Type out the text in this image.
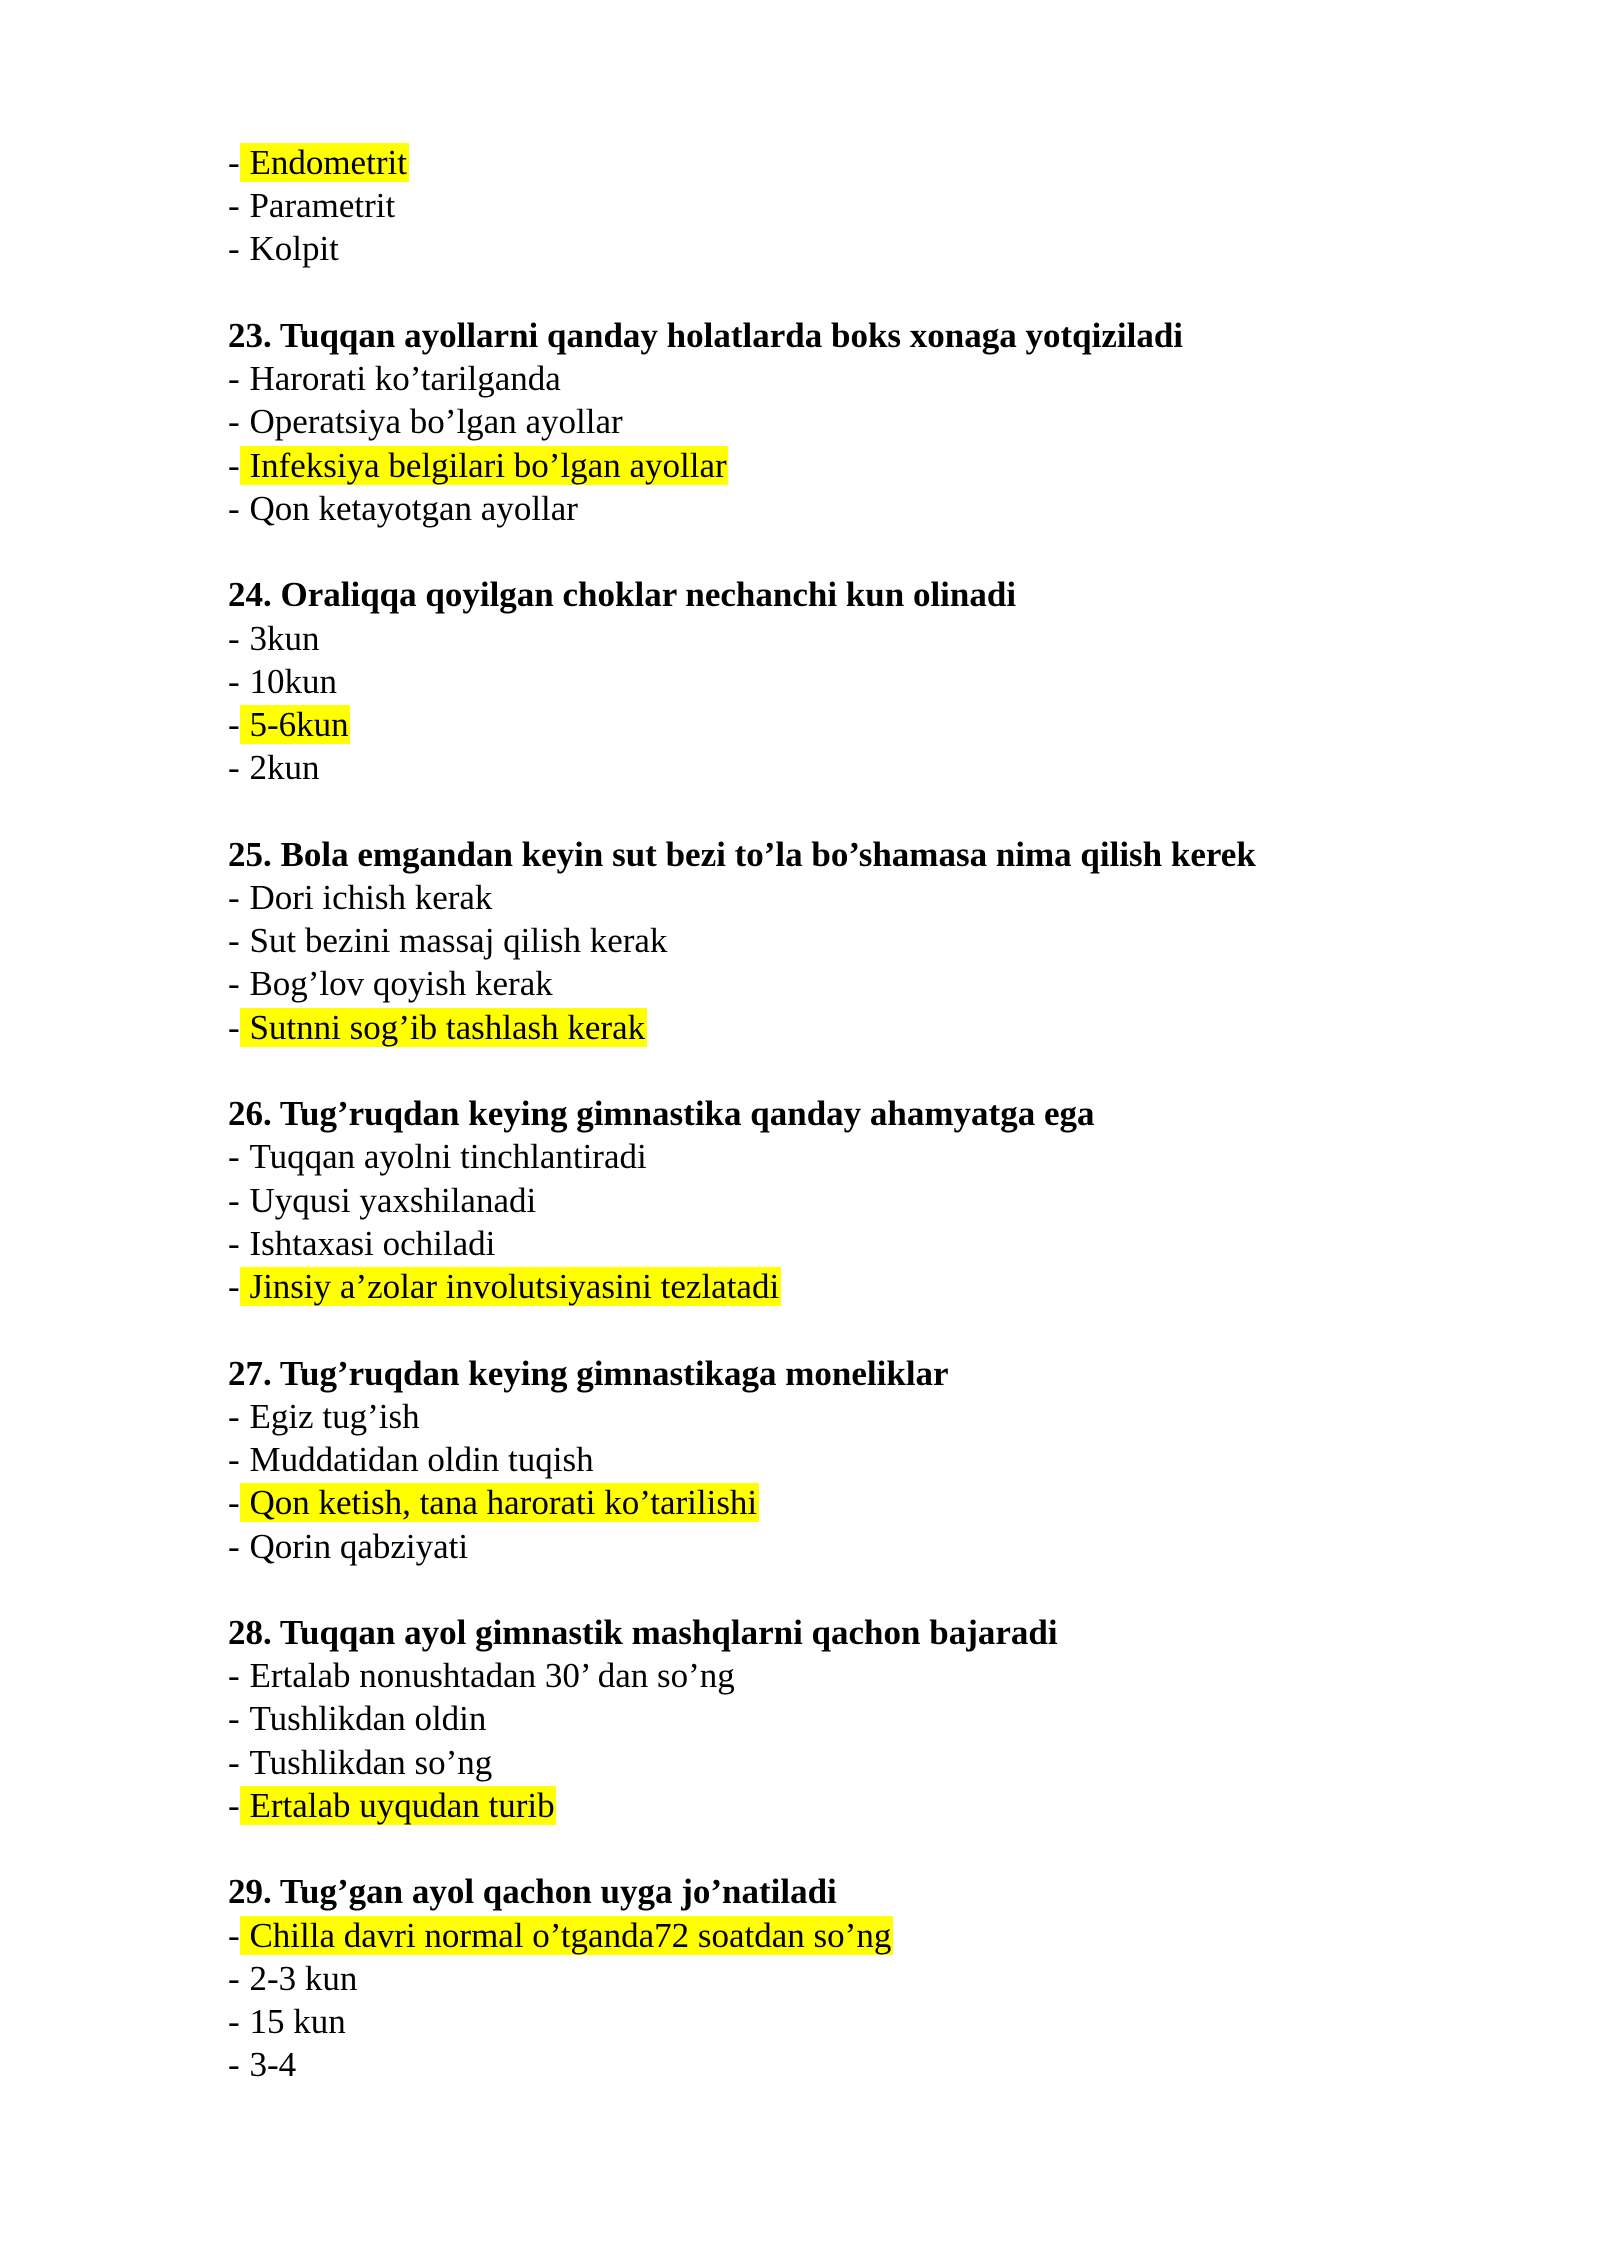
- Endometrit
- Parametrit
- Kolpit
23. Tuqqan ayollarni qanday holatlarda boks xonaga yotqiziladi
- Harorati ko’tarilganda
- Operatsiya bo’lgan ayollar
- Infeksiya belgilari bo’lgan ayollar
- Qon ketayotgan ayollar
24. Oraliqqa qoyilgan choklar nechanchi kun olinadi
- 3kun
- 10kun
- 5-6kun
- 2kun
25. Bola emgandan keyin sut bezi to’la bo’shamasa nima qilish kerek
- Dori ichish kerak
- Sut bezini massaj qilish kerak
- Bog’lov qoyish kerak
- Sutnni sog’ib tashlash kerak
26. Tug’ruqdan keying gimnastika qanday ahamyatga ega
- Tuqqan ayolni tinchlantiradi
- Uyqusi yaxshilanadi
- Ishtaxasi ochiladi
- Jinsiy a’zolar involutsiyasini tezlatadi
27. Tug’ruqdan keying gimnastikaga moneliklar
- Egiz tug’ish
- Muddatidan oldin tuqish
- Qon ketish, tana harorati ko’tarilishi
- Qorin qabziyati
28. Tuqqan ayol gimnastik mashqlarni qachon bajaradi
- Ertalab nonushtadan 30’ dan so’ng
- Tushlikdan oldin
- Tushlikdan so’ng
- Ertalab uyqudan turib
29. Tug’gan ayol qachon uyga jo’natiladi
- Chilla davri normal o’tganda72 soatdan so’ng
- 2-3 kun
- 15 kun
- 3-4
